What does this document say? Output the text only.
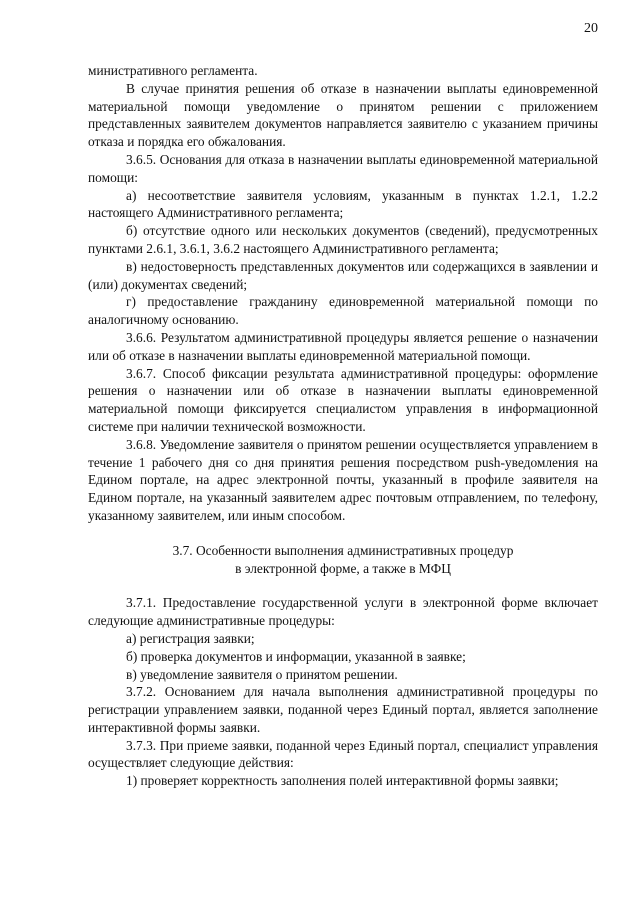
20

министративного регламента.

В случае принятия решения об отказе в назначении выплаты единовременной материальной помощи уведомление о принятом решении с приложением представленных заявителем документов направляется заявителю с указанием причины отказа и порядка его обжалования.

3.6.5. Основания для отказа в назначении выплаты единовременной материальной помощи:

а) несоответствие заявителя условиям, указанным в пунктах 1.2.1, 1.2.2 настоящего Административного регламента;

б) отсутствие одного или нескольких документов (сведений), предусмотренных пунктами 2.6.1, 3.6.1, 3.6.2 настоящего Административного регламента;

в) недостоверность представленных документов или содержащихся в заявлении и (или) документах сведений;

г) предоставление гражданину единовременной материальной помощи по аналогичному основанию.

3.6.6. Результатом административной процедуры является решение о назначении или об отказе в назначении выплаты единовременной материальной помощи.

3.6.7. Способ фиксации результата административной процедуры: оформление решения о назначении или об отказе в назначении выплаты единовременной материальной помощи фиксируется специалистом управления в информационной системе при наличии технической возможности.

3.6.8. Уведомление заявителя о принятом решении осуществляется управлением в течение 1 рабочего дня со дня принятия решения посредством push-уведомления на Едином портале, на адрес электронной почты, указанный в профиле заявителя на Едином портале, на указанный заявителем адрес почтовым отправлением, по телефону, указанному заявителем, или иным способом.

3.7. Особенности выполнения административных процедур
в электронной форме, а также в МФЦ

3.7.1. Предоставление государственной услуги в электронной форме включает следующие административные процедуры:

а) регистрация заявки;

б) проверка документов и информации, указанной в заявке;

в) уведомление заявителя о принятом решении.

3.7.2. Основанием для начала выполнения административной процедуры по регистрации управлением заявки, поданной через Единый портал, является заполнение интерактивной формы заявки.

3.7.3. При приеме заявки, поданной через Единый портал, специалист управления осуществляет следующие действия:

1) проверяет корректность заполнения полей интерактивной формы заявки;
